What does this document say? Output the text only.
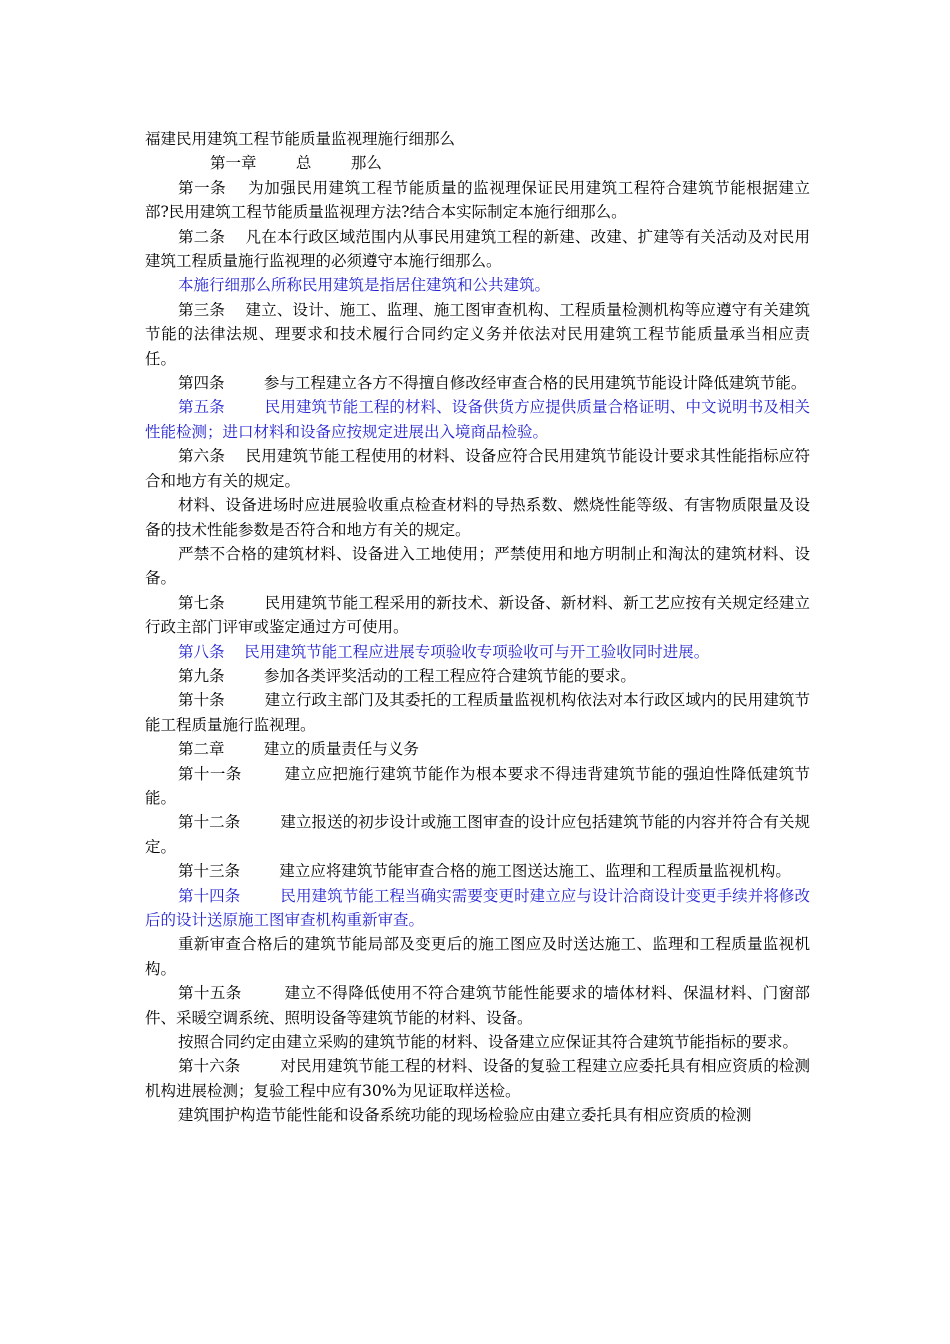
福建民用建筑工程节能质量监视理施行细那么

第一章        总        那么

第一条    为加强民用建筑工程节能质量的监视理保证民用建筑工程符合建筑节能根据建立部?民用建筑工程节能质量监视理方法?结合本实际制定本施行细那么。

第二条    凡在本行政区域范围内从事民用建筑工程的新建、改建、扩建等有关活动及对民用建筑工程质量施行监视理的必须遵守本施行细那么。

本施行细那么所称民用建筑是指居住建筑和公共建筑。

第三条    建立、设计、施工、监理、施工图审查机构、工程质量检测机构等应遵守有关建筑节能的法律法规、理要求和技术履行合同约定义务并依法对民用建筑工程节能质量承当相应责任。

第四条        参与工程建立各方不得擅自修改经审查合格的民用建筑节能设计降低建筑节能。

第五条        民用建筑节能工程的材料、设备供货方应提供质量合格证明、中文说明书及相关性能检测；进口材料和设备应按规定进展出入境商品检验。

第六条    民用建筑节能工程使用的材料、设备应符合民用建筑节能设计要求其性能指标应符合和地方有关的规定。

材料、设备进场时应进展验收重点检查材料的导热系数、燃烧性能等级、有害物质限量及设备的技术性能参数是否符合和地方有关的规定。

严禁不合格的建筑材料、设备进入工地使用；严禁使用和地方明制止和淘汰的建筑材料、设备。

第七条        民用建筑节能工程采用的新技术、新设备、新材料、新工艺应按有关规定经建立行政主部门评审或鉴定通过方可使用。

第八条    民用建筑节能工程应进展专项验收专项验收可与开工验收同时进展。

第九条        参加各类评奖活动的工程工程应符合建筑节能的要求。

第十条        建立行政主部门及其委托的工程质量监视机构依法对本行政区域内的民用建筑节能工程质量施行监视理。

第二章        建立的质量责任与义务

第十一条        建立应把施行建筑节能作为根本要求不得违背建筑节能的强迫性降低建筑节能。

第十二条        建立报送的初步设计或施工图审查的设计应包括建筑节能的内容并符合有关规定。

第十三条        建立应将建筑节能审查合格的施工图送达施工、监理和工程质量监视机构。

第十四条        民用建筑节能工程当确实需要变更时建立应与设计洽商设计变更手续并将修改后的设计送原施工图审查机构重新审查。

重新审查合格后的建筑节能局部及变更后的施工图应及时送达施工、监理和工程质量监视机构。

第十五条        建立不得降低使用不符合建筑节能性能要求的墙体材料、保温材料、门窗部件、采暖空调系统、照明设备等建筑节能的材料、设备。

按照合同约定由建立采购的建筑节能的材料、设备建立应保证其符合建筑节能指标的要求。

第十六条        对民用建筑节能工程的材料、设备的复验工程建立应委托具有相应资质的检测机构进展检测；复验工程中应有30%为见证取样送检。

建筑围护构造节能性能和设备系统功能的现场检验应由建立委托具有相应资质的检测
